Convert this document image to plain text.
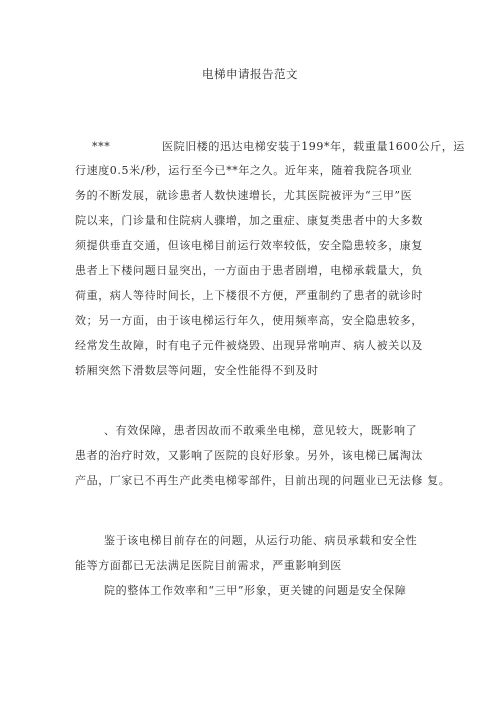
电梯申请报告范文
***	医院旧楼的迅达电梯安装于199*年，载重量1600公斤，运
行速度0.5米/秒，运行至今已**年之久。近年来，随着我院各项业
务的不断发展，就诊患者人数快速增长，尤其医院被评为“三甲”医
院以来，门诊量和住院病人骤增，加之重症、康复类患者中的大多数
须提供垂直交通，但该电梯目前运行效率较低，安全隐患较多，康复
患者上下楼问题日显突出，一方面由于患者剧增，电梯承载量大，负
荷重，病人等待时间长，上下楼很不方便，严重制约了患者的就诊时
效；另一方面，由于该电梯运行年久，使用频率高，安全隐患较多，
经常发生故障，时有电子元件被烧毁、出现异常响声、病人被关以及
轿厢突然下滑数层等问题，安全性能得不到及时
、有效保障，患者因故而不敢乘坐电梯，意见较大，既影响了
患者的治疗时效，又影响了医院的良好形象。另外，该电梯已属淘汰
产品，厂家已不再生产此类电梯零部件，目前出现的问题业已无法修 复。
鉴于该电梯目前存在的问题，从运行功能、病员承载和安全性
能等方面都已无法满足医院目前需求，严重影响到医
院的整体工作效率和“三甲”形象，更关键的问题是安全保障
